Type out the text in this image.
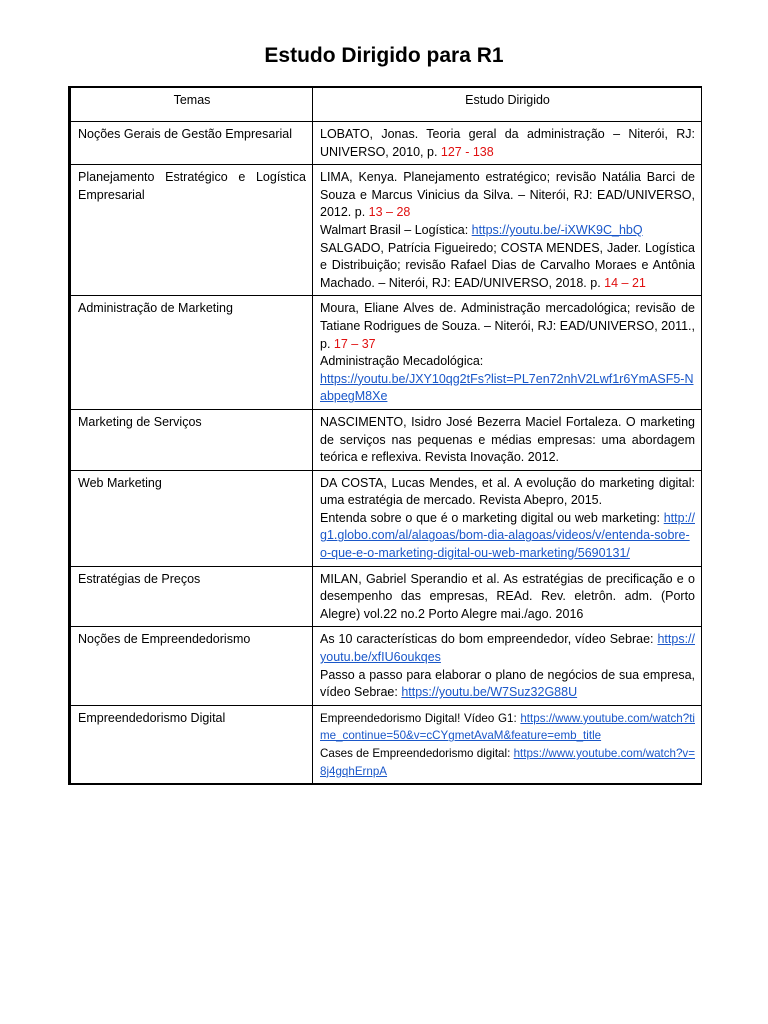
Estudo Dirigido para R1
Temas	Estudo Dirigido
Noções Gerais de Gestão Empresarial	LOBATO, Jonas. Teoria geral da administração – Niterói, RJ: UNIVERSO, 2010, p. 127 - 138
Planejamento Estratégico e Logística Empresarial	LIMA, Kenya. Planejamento estratégico; revisão Natália Barci de Souza e Marcus Vinicius da Silva. – Niterói, RJ: EAD/UNIVERSO, 2012. p. 13 – 28
Walmart Brasil – Logística: https://youtu.be/-iXWK9C_hbQ
SALGADO, Patrícia Figueiredo; COSTA MENDES, Jader. Logística e Distribuição; revisão Rafael Dias de Carvalho Moraes e Antônia Machado. – Niterói, RJ: EAD/UNIVERSO, 2018. p. 14 – 21
Administração de Marketing	Moura, Eliane Alves de. Administração mercadológica; revisão de Tatiane Rodrigues de Souza. – Niterói, RJ: EAD/UNIVERSO, 2011., p. 17 – 37
Administração Mecadológica:
https://youtu.be/JXY10qg2tFs?list=PL7en72nhV2Lwf1r6YmASF5-NabpegM8Xe
Marketing de Serviços	NASCIMENTO, Isidro José Bezerra Maciel Fortaleza. O marketing de serviços nas pequenas e médias empresas: uma abordagem teórica e reflexiva. Revista Inovação. 2012.
Web Marketing	DA COSTA, Lucas Mendes, et al. A evolução do marketing digital: uma estratégia de mercado. Revista Abepro, 2015.
Entenda sobre o que é o marketing digital ou web marketing: http://g1.globo.com/al/alagoas/bom-dia-alagoas/videos/v/entenda-sobre-o-que-e-o-marketing-digital-ou-web-marketing/5690131/

Estratégias de Preços	MILAN, Gabriel Sperandio et al. As estratégias de precificação e o desempenho das empresas, REAd. Rev. eletrôn. adm. (Porto Alegre) vol.22 no.2 Porto Alegre mai./ago. 2016
Noções de Empreendedorismo	As 10 características do bom empreendedor, vídeo Sebrae: https://youtu.be/xfIU6oukqes
Passo a passo para elaborar o plano de negócios de sua empresa, vídeo Sebrae: https://youtu.be/W7Suz32G88U
Empreendedorismo Digital	Empreendedorismo Digital! Vídeo G1: https://www.youtube.com/watch?time_continue=50&v=cCYgmetAvaM&feature=emb_title
Cases de Empreendedorismo digital: https://www.youtube.com/watch?v=8j4gqhErnpA
